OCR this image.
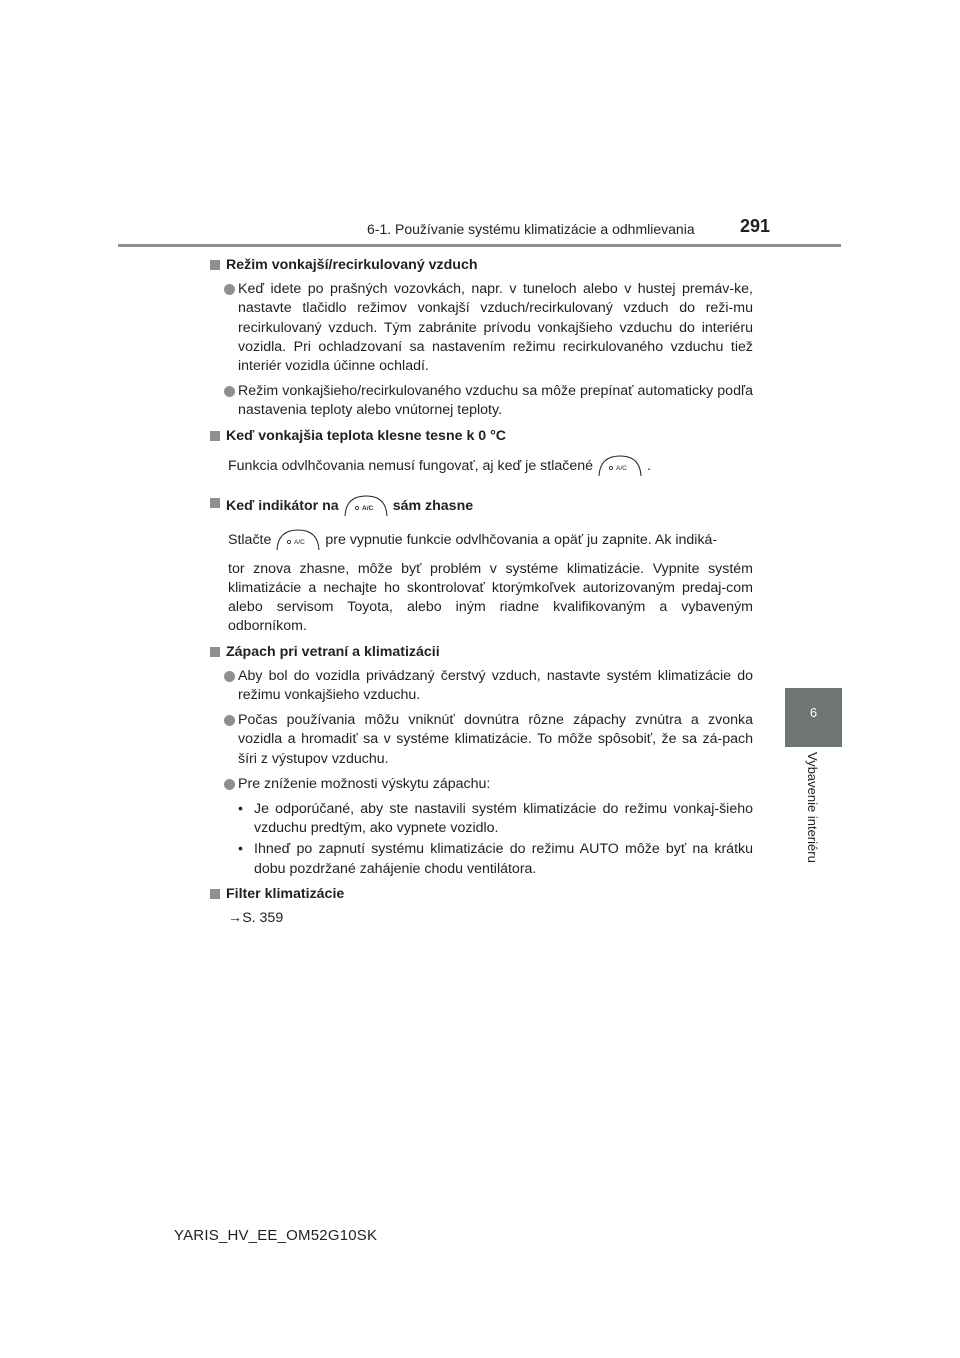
6-1. Používanie systému klimatizácie a odhmlievania	291
6
Vybavenie interiéru
Režim vonkajší/recirkulovaný vzduch
Keď idete po prašných vozovkách, napr. v tuneloch alebo v hustej premáv-ke, nastavte tlačidlo režimov vonkajší vzduch/recirkulovaný vzduch do reži-mu recirkulovaný vzduch. Tým zabránite prívodu vonkajšieho vzduchu do interiéru vozidla. Pri ochladzovaní sa nastavením režimu recirkulovaného vzduchu tiež interiér vozidla účinne ochladí.
Režim vonkajšieho/recirkulovaného vzduchu sa môže prepínať automaticky podľa nastavenia teploty alebo vnútornej teploty.
Keď vonkajšia teplota klesne tesne k 0 °C
Funkcia odvlhčovania nemusí fungovať, aj keď je stlačené	A/C .
Keď indikátor na	A/C sám zhasne
Stlačte	A/C pre vypnutie funkcie odvlhčovania a opäť ju zapnite. Ak indiká-
tor znova zhasne, môže byť problém v systéme klimatizácie. Vypnite systém klimatizácie a nechajte ho skontrolovať ktorýmkoľvek autorizovaným predaj-com alebo servisom Toyota, alebo iným riadne kvalifikovaným a vybaveným odborníkom.
Zápach pri vetraní a klimatizácii
Aby bol do vozidla privádzaný čerstvý vzduch, nastavte systém klimatizácie do režimu vonkajšieho vzduchu.
Počas používania môžu vniknúť dovnútra rôzne zápachy zvnútra a zvonka vozidla a hromadiť sa v systéme klimatizácie. To môže spôsobiť, že sa zá-pach šíri z výstupov vzduchu.
Pre zníženie možnosti výskytu zápachu:
• Je odporúčané, aby ste nastavili systém klimatizácie do režimu vonkaj-šieho vzduchu predtým, ako vypnete vozidlo.
• Ihneď po zapnutí systému klimatizácie do režimu AUTO môže byť na krátku dobu pozdržané zahájenie chodu ventilátora.
Filter klimatizácie
→S. 359
YARIS_HV_EE_OM52G10SK
